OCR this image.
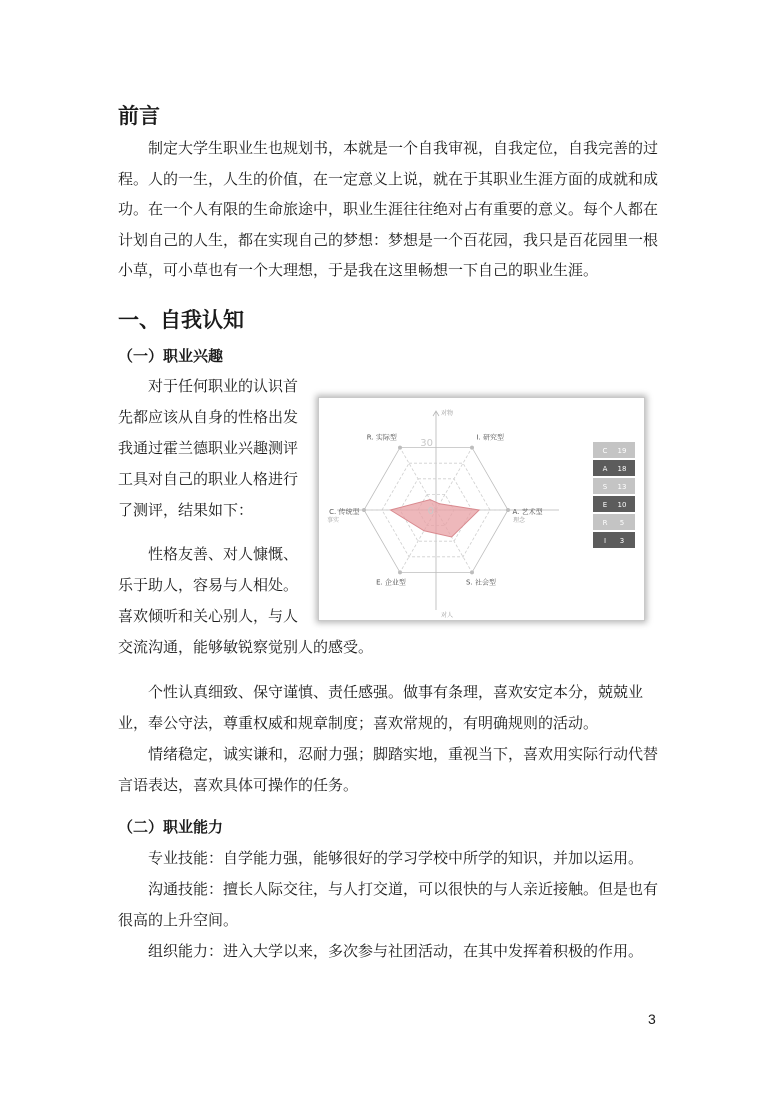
前言

制定大学生职业生也规划书，本就是一个自我审视，自我定位，自我完善的过程。人的一生，人生的价值，在一定意义上说，就在于其职业生涯方面的成就和成功。在一个人有限的生命旅途中，职业生涯往往绝对占有重要的意义。每个人都在计划自己的人生，都在实现自己的梦想：梦想是一个百花园，我只是百花园里一根小草，可小草也有一个大理想，于是我在这里畅想一下自己的职业生涯。

一、自我认知
（一）职业兴趣

对于任何职业的认识首

先都应该从自身的性格出发

我通过霍兰德职业兴趣测评

工具对自己的职业人格进行

了测评，结果如下：

性格友善、对人慷慨、

乐于助人，容易与人相处。

喜欢倾听和关心别人，与人

交流沟通，能够敏锐察觉别人的感受。

30
0
R. 实际型	I. 研究型
A. 艺术型
S. 社会型
E. 企业型
C. 传统型
对物
对人
事实	理念
C 19
A 18
S 13
E 10
R 5
I 3

个性认真细致、保守谨慎、责任感强。做事有条理，喜欢安定本分，兢兢业业，奉公守法，尊重权威和规章制度；喜欢常规的，有明确规则的活动。

情绪稳定，诚实谦和，忍耐力强；脚踏实地，重视当下，喜欢用实际行动代替言语表达，喜欢具体可操作的任务。

（二）职业能力

专业技能：自学能力强，能够很好的学习学校中所学的知识，并加以运用。

沟通技能：擅长人际交往，与人打交道，可以很快的与人亲近接触。但是也有很高的上升空间。

组织能力：进入大学以来，多次参与社团活动，在其中发挥着积极的作用。

3
